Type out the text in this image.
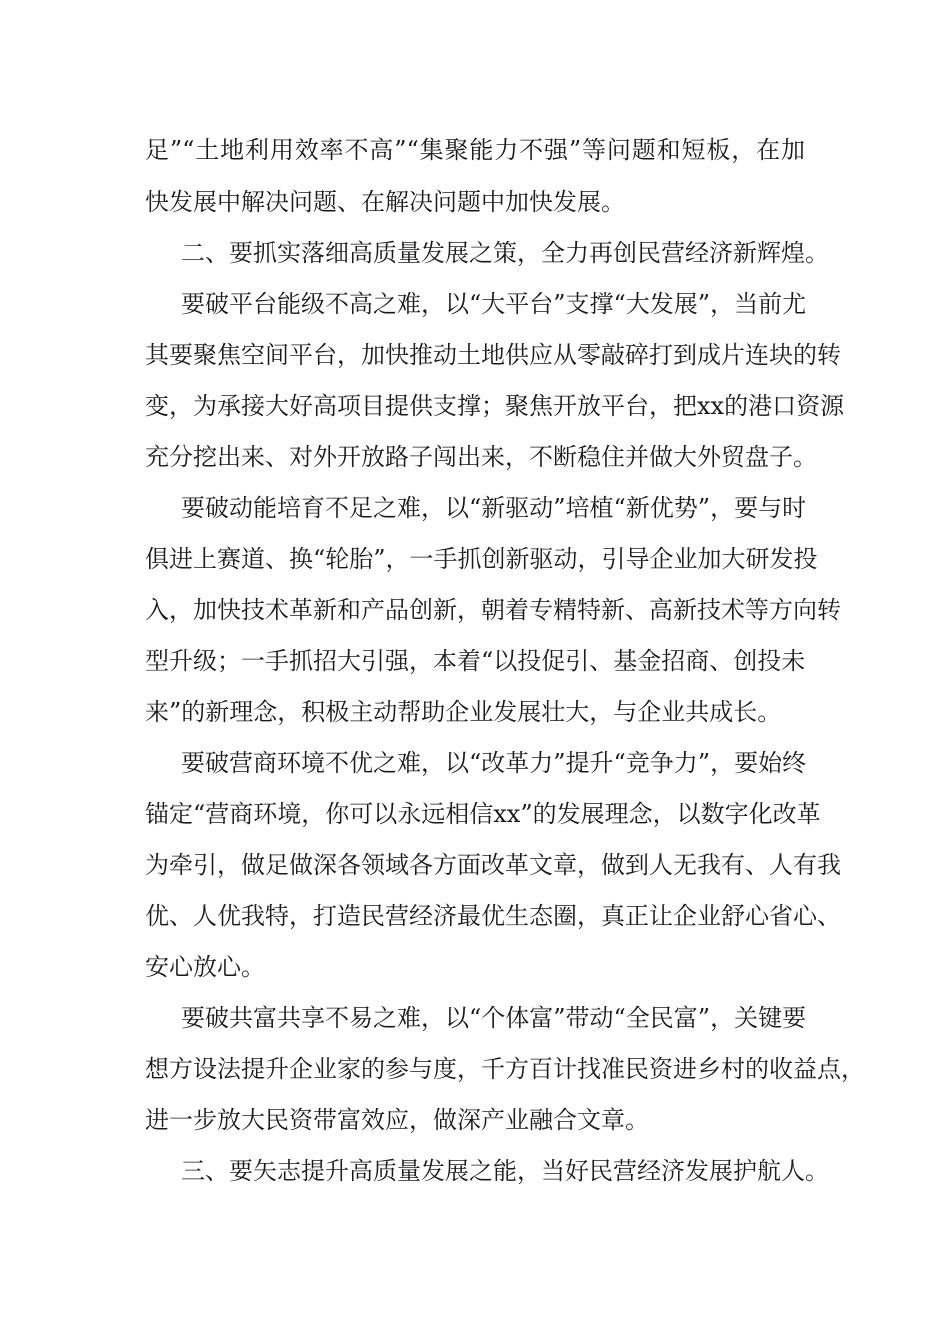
足”“土地利用效率不高”“集聚能力不强”等问题和短板，在加

快发展中解决问题、在解决问题中加快发展。

二、要抓实落细高质量发展之策，全力再创民营经济新辉煌。

要破平台能级不高之难，以“大平台”支撑“大发展”，当前尤

其要聚焦空间平台，加快推动土地供应从零敲碎打到成片连块的转

变，为承接大好高项目提供支撑；聚焦开放平台，把xx的港口资源

充分挖出来、对外开放路子闯出来，不断稳住并做大外贸盘子。

要破动能培育不足之难，以“新驱动”培植“新优势”，要与时

俱进上赛道、换“轮胎”，一手抓创新驱动，引导企业加大研发投

入，加快技术革新和产品创新，朝着专精特新、高新技术等方向转

型升级；一手抓招大引强，本着“以投促引、基金招商、创投未

来”的新理念，积极主动帮助企业发展壮大，与企业共成长。

要破营商环境不优之难，以“改革力”提升“竞争力”，要始终

锚定“营商环境，你可以永远相信xx”的发展理念，以数字化改革

为牵引，做足做深各领域各方面改革文章，做到人无我有、人有我

优、人优我特，打造民营经济最优生态圈，真正让企业舒心省心、

安心放心。

要破共富共享不易之难，以“个体富”带动“全民富”，关键要

想方设法提升企业家的参与度，千方百计找准民资进乡村的收益点，

进一步放大民资带富效应，做深产业融合文章。

三、要矢志提升高质量发展之能，当好民营经济发展护航人。
